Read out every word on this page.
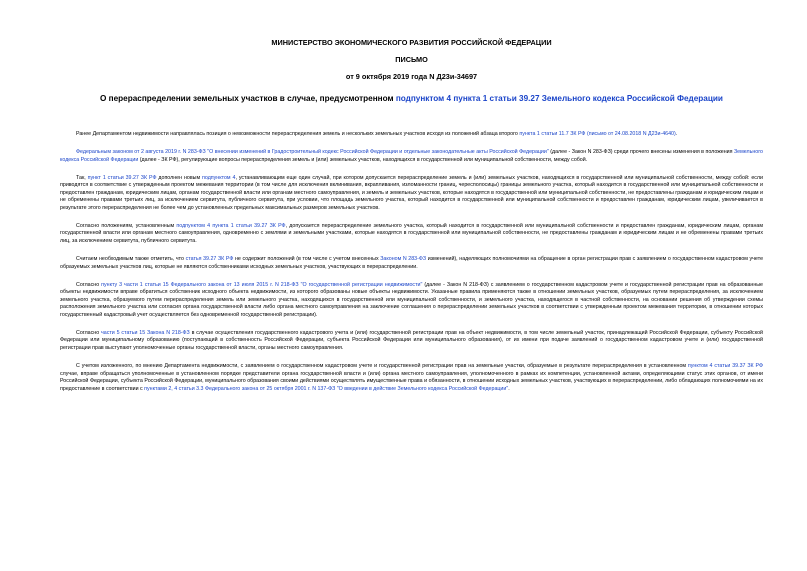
МИНИСТЕРСТВО ЭКОНОМИЧЕСКОГО РАЗВИТИЯ РОССИЙСКОЙ ФЕДЕРАЦИИ
ПИСЬМО
от 9 октября 2019 года N Д23и-34697
О перераспределении земельных участков в случае, предусмотренном подпунктом 4 пункта 1 статьи 39.27 Земельного кодекса Российской Федерации

Ранее Департаментом недвижимости направлялась позиция о невозможности перераспределения земель и нескольких земельных участков исходя из положений абзаца второго пункта 1 статьи 11.7 ЗК РФ (письмо от 24.08.2018 N Д23и-4640).

Федеральным законом от 2 августа 2019 г. N 283-ФЗ "О внесении изменений в Градостроительный кодекс Российской Федерации и отдельные законодательные акты Российской Федерации" (далее - Закон N 283-ФЗ) среди прочего внесены изменения в положения Земельного кодекса Российской Федерации (далее - ЗК РФ), регулирующие вопросы перераспределения земель и (или) земельных участков, находящихся в государственной или муниципальной собственности, между собой.

Так, пункт 1 статьи 39.27 ЗК РФ дополнен новым подпунктом 4, устанавливающим еще один случай, при котором допускается перераспределение земель и (или) земельных участков, находящихся в государственной или муниципальной собственности, между собой: если приводятся в соответствие с утвержденным проектом межевания территории (в том числе для исключения вклинивания, вкрапливания, изломанности границ, чересполосицы) границы земельного участка, который находится в государственной или муниципальной собственности и предоставлен гражданам, юридическим лицам, органам государственной власти или органам местного самоуправления, и земель и земельных участков, которые находятся в государственной или муниципальной собственности, не предоставлены гражданам и юридическим лицам и не обременены правами третьих лиц, за исключением сервитута, публичного сервитута, при условии, что площадь земельного участка, который находится в государственной или муниципальной собственности и предоставлен гражданам, юридическим лицам, увеличивается в результате этого перераспределения не более чем до установленных предельных максимальных размеров земельных участков.

Согласно положениям, установленным подпунктом 4 пункта 1 статьи 39.27 ЗК РФ, допускается перераспределение земельного участка, который находится в государственной или муниципальной собственности и предоставлен гражданам, юридическим лицам, органам государственной власти или органам местного самоуправления, одновременно с землями и земельными участками, которые находятся в государственной или муниципальной собственности, не предоставлены гражданам и юридическим лицам и не обременены правами третьих лиц, за исключением сервитута, публичного сервитута.

Считаем необходимым также отметить, что статья 39.27 ЗК РФ не содержит положений (в том числе с учетом внесенных Законом N 283-ФЗ изменений), наделяющих полномочиями на обращение в орган регистрации прав с заявлением о государственном кадастровом учете образуемых земельных участков лиц, которые не являются собственниками исходных земельных участков, участвующих в перераспределении.

Согласно пункту 3 части 1 статьи 15 Федерального закона от 13 июля 2015 г. N 218-ФЗ "О государственной регистрации недвижимости" (далее - Закон N 218-ФЗ) с заявлением о государственном кадастровом учете и государственной регистрации прав на образованные объекты недвижимости вправе обратиться собственник исходного объекта недвижимости, из которого образованы новые объекты недвижимости. Указанные правила применяются также в отношении земельных участков, образуемых путем перераспределения, за исключением земельного участка, образуемого путем перераспределения земель или земельного участка, находящихся в государственной или муниципальной собственности, и земельного участка, находящегося в частной собственности, на основании решения об утверждении схемы расположения земельного участка или согласия органа государственной власти либо органа местного самоуправления на заключение соглашения о перераспределении земельных участков в соответствии с утвержденным проектом межевания территории, в отношении которых государственный кадастровый учет осуществляется без одновременной государственной регистрации).

Согласно части 5 статьи 15 Закона N 218-ФЗ в случае осуществления государственного кадастрового учета и (или) государственной регистрации прав на объект недвижимости, в том числе земельный участок, принадлежащий Российской Федерации, субъекту Российской Федерации или муниципальному образованию (поступающий в собственность Российской Федерации, субъекта Российской Федерации или муниципального образования), от их имени при подаче заявлений о государственном кадастровом учете и (или) государственной регистрации прав выступают уполномоченные органы государственной власти, органы местного самоуправления.

С учетом изложенного, по мнению Департамента недвижимости, с заявлением о государственном кадастровом учете и государственной регистрации прав на земельные участки, образуемые в результате перераспределения в установленном пунктом 4 статьи 39.37 ЗК РФ случае, вправе обращаться уполномоченные в установленном порядке представители органа государственной власти и (или) органа местного самоуправления, уполномоченного в рамках их компетенции, установленной актами, определяющими статус этих органов, от имени Российской Федерации, субъекта Российской Федерации, муниципального образования своими действиями осуществлять имущественные права и обязанности, в отношении исходных земельных участков, участвующих в перераспределении, либо обладающих полномочиями на их предоставление в соответствии с пунктами 2, 4 статьи 3.3 Федерального закона от 25 октября 2001 г. N 137-ФЗ "О введении в действие Земельного кодекса Российской Федерации".
